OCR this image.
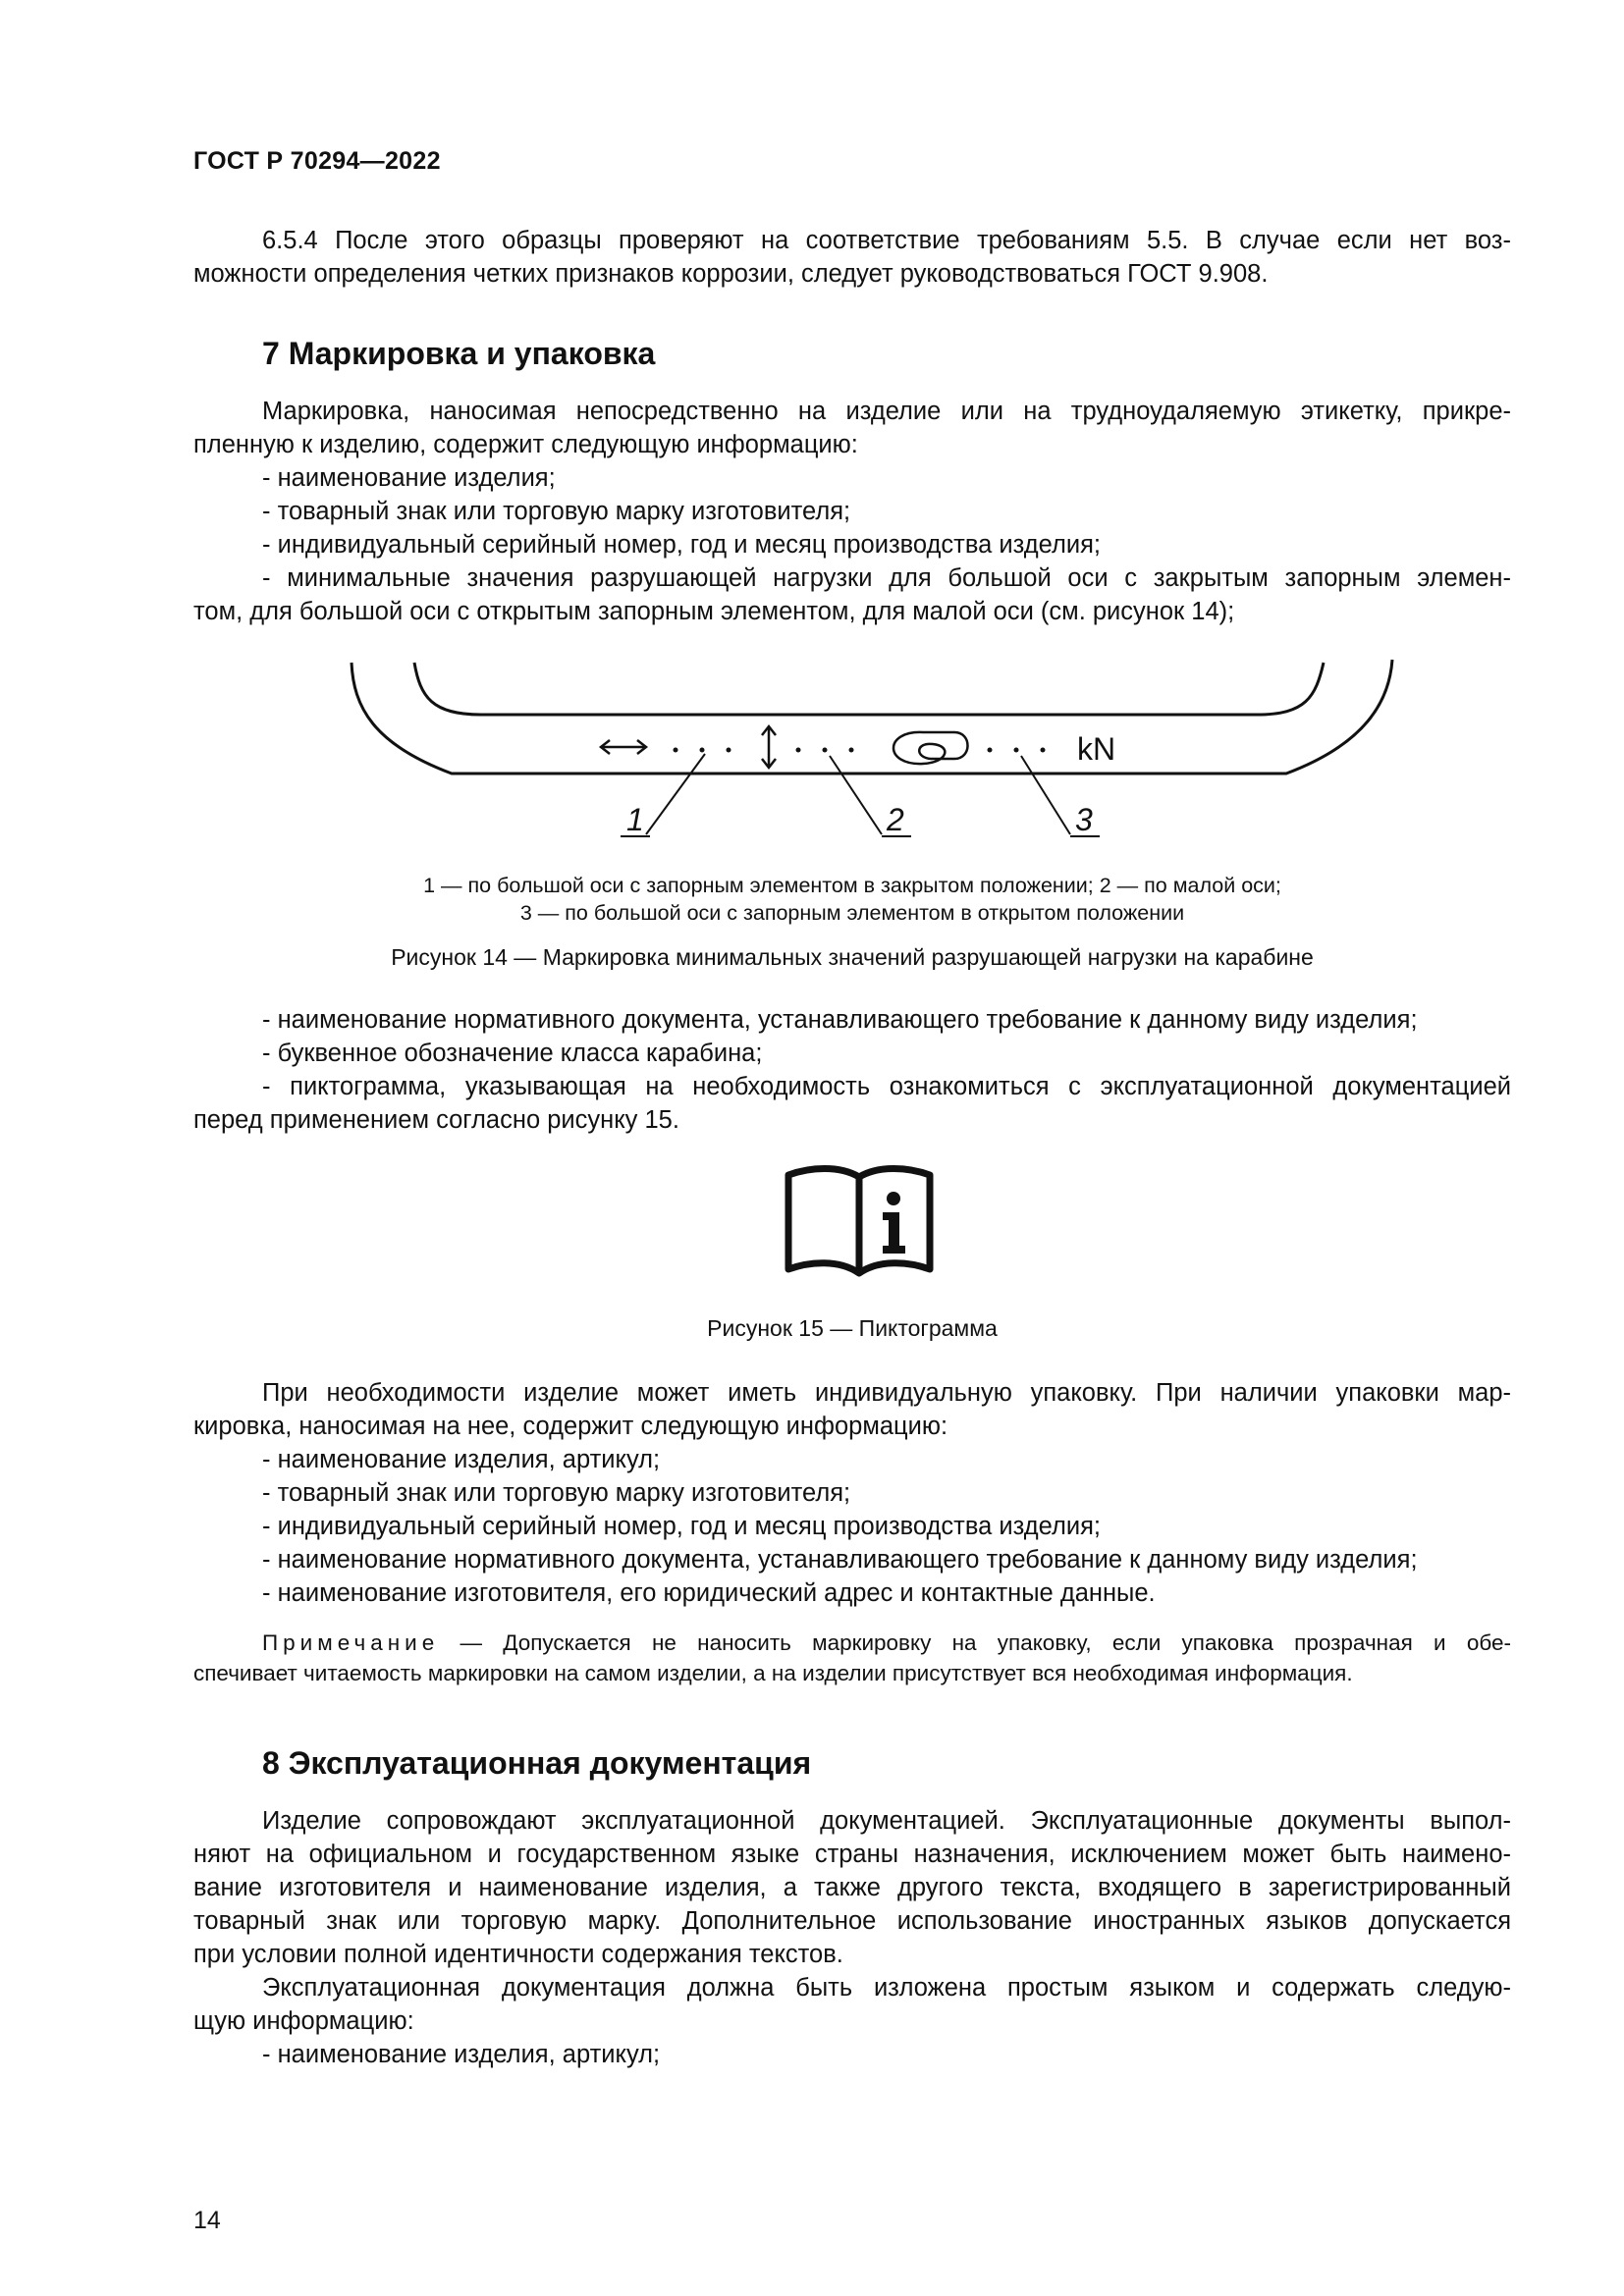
ГОСТ Р 70294—2022
6.5.4 После этого образцы проверяют на соответствие требованиям 5.5. В случае если нет воз-
можности определения четких признаков коррозии, следует руководствоваться ГОСТ 9.908.
7 Маркировка и упаковка
Маркировка, наносимая непосредственно на изделие или на трудноудаляемую этикетку, прикре-
пленную к изделию, содержит следующую информацию:
- наименование изделия;
- товарный знак или торговую марку изготовителя;
- индивидуальный серийный номер, год и месяц производства изделия;
- минимальные значения разрушающей нагрузки для большой оси с закрытым запорным элемен-
том, для большой оси с открытым запорным элементом, для малой оси (см. рисунок 14);
kN
1	2	3
1 — по большой оси с запорным элементом в закрытом положении; 2 — по малой оси;
3 — по большой оси с запорным элементом в открытом положении
Рисунок 14 — Маркировка минимальных значений разрушающей нагрузки на карабине
- наименование нормативного документа, устанавливающего требование к данному виду изделия;
- буквенное обозначение класса карабина;
- пиктограмма, указывающая на необходимость ознакомиться с эксплуатационной документацией
перед применением согласно рисунку 15.
Рисунок 15 — Пиктограмма
При необходимости изделие может иметь индивидуальную упаковку. При наличии упаковки мар-
кировка, наносимая на нее, содержит следующую информацию:
- наименование изделия, артикул;
- товарный знак или торговую марку изготовителя;
- индивидуальный серийный номер, год и месяц производства изделия;
- наименование нормативного документа, устанавливающего требование к данному виду изделия;
- наименование изготовителя, его юридический адрес и контактные данные.
Примечание — Допускается не наносить маркировку на упаковку, если упаковка прозрачная и обе-
спечивает читаемость маркировки на самом изделии, а на изделии присутствует вся необходимая информация.
8 Эксплуатационная документация
Изделие сопровождают эксплуатационной документацией. Эксплуатационные документы выпол-
няют на официальном и государственном языке страны назначения, исключением может быть наимено-
вание изготовителя и наименование изделия, а также другого текста, входящего в зарегистрированный
товарный знак или торговую марку. Дополнительное использование иностранных языков допускается
при условии полной идентичности содержания текстов.
Эксплуатационная документация должна быть изложена простым языком и содержать следую-
щую информацию:
- наименование изделия, артикул;
14
